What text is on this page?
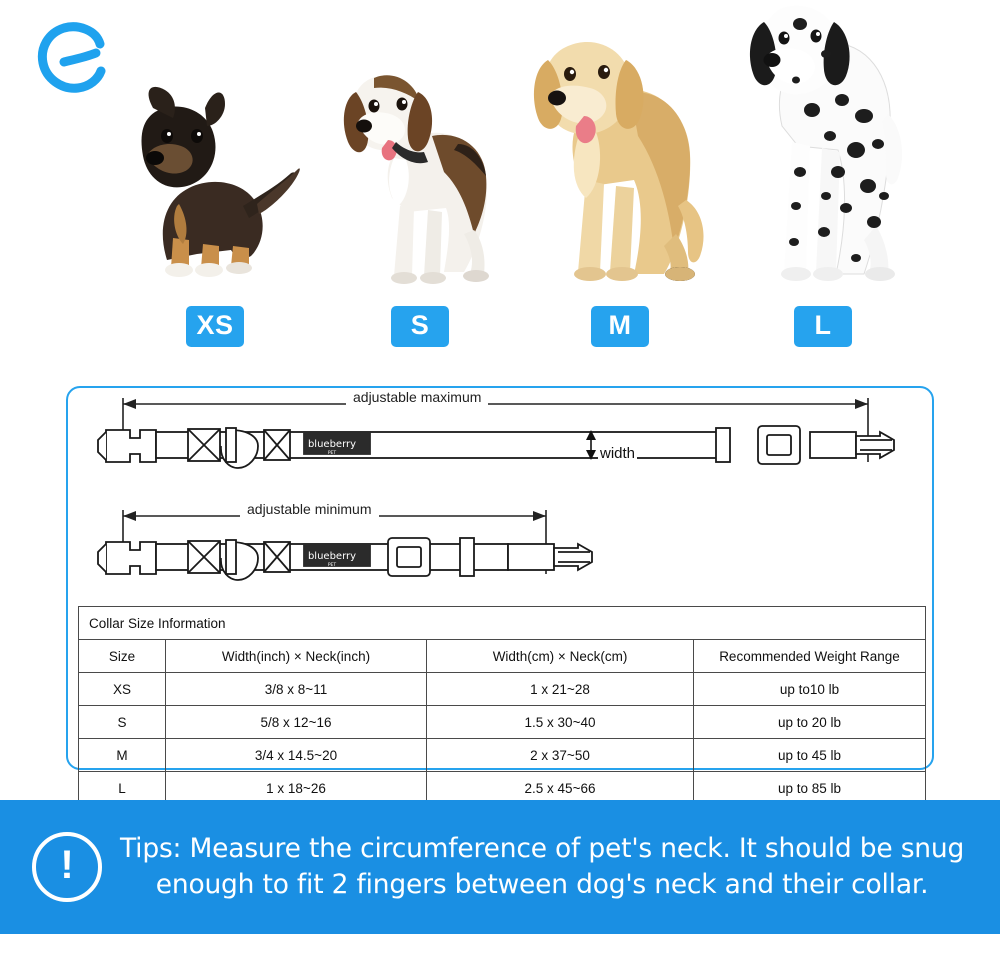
XS	S	M	L
blueberry
PET
blueberry
PET
adjustable maximum
adjustable minimum
width
Collar Size Information			
Size	Width(inch) × Neck(inch)	Width(cm) × Neck(cm)	Recommended Weight Range
XS	3/8 x 8~11	1 x 21~28	up to10 lb
S	5/8 x 12~16	1.5 x 30~40	up to 20 lb
M	3/4 x 14.5~20	2 x 37~50	up to 45 lb
L	1 x 18~26	2.5 x 45~66	up to 85 lb
! Tips: Measure the circumference of pet's neck. It should be snug
enough to fit 2 fingers between dog's neck and their collar.
